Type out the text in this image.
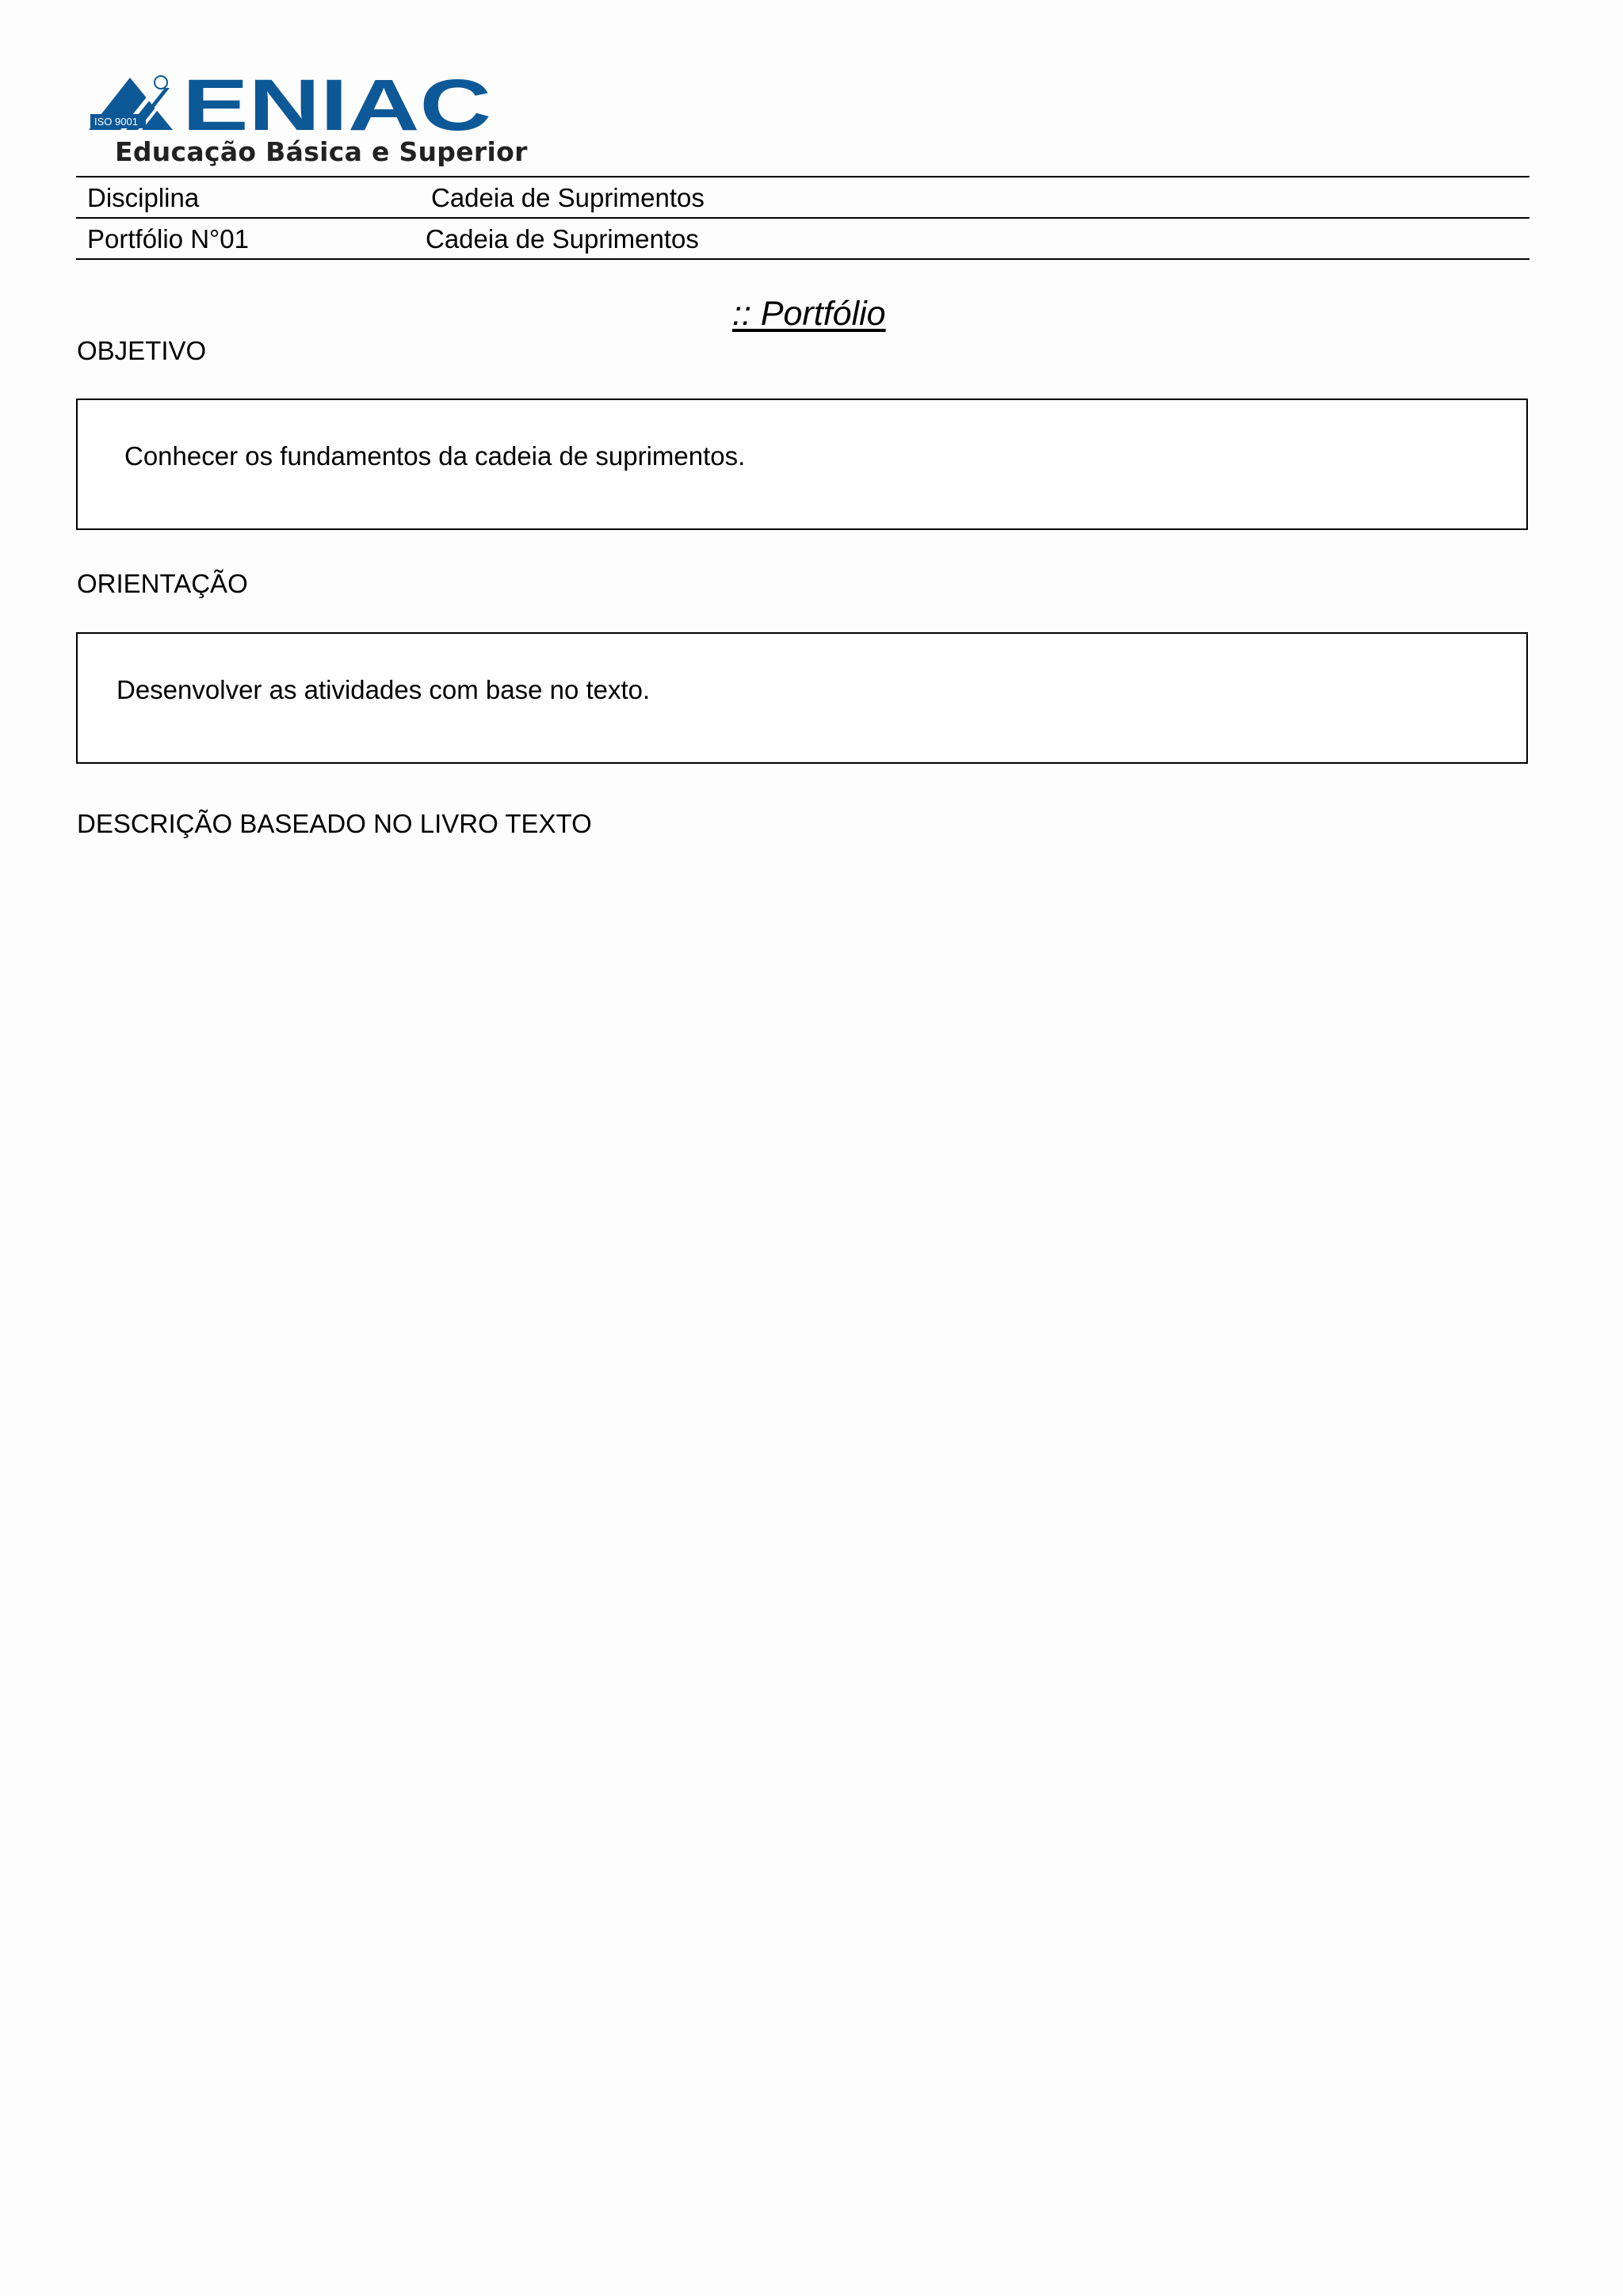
ISO 9001 ENIAC
Educação Básica e Superior
Disciplina	Cadeia de Suprimentos
Portfólio N°01	Cadeia de Suprimentos
:: Portfólio
OBJETIVO
Conhecer os fundamentos da cadeia de suprimentos.
ORIENTAÇÃO
Desenvolver as atividades com base no texto.
DESCRIÇÃO BASEADO NO LIVRO TEXTO
